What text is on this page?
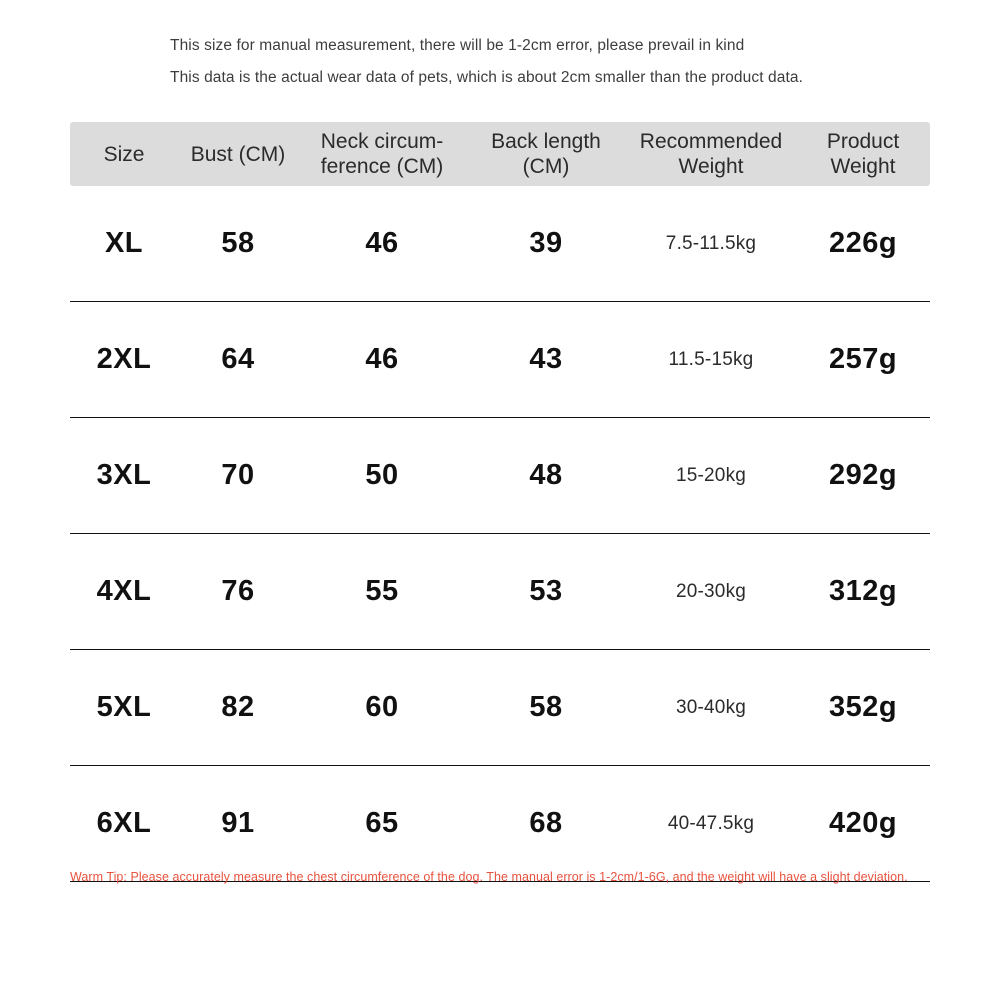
This size for manual measurement, there will be 1-2cm error, please prevail in kind
This data is the actual wear data of pets, which is about 2cm smaller than the product data.
Size	Bust (CM)	Neck circum-ference (CM)	Back length (CM)	Recommended Weight	Product Weight
XL	58	46	39	7.5-11.5kg	226g
2XL	64	46	43	11.5-15kg	257g
3XL	70	50	48	15-20kg	292g
4XL	76	55	53	20-30kg	312g
5XL	82	60	58	30-40kg	352g
6XL	91	65	68	40-47.5kg	420g
Warm Tip: Please accurately measure the chest circumference of the dog. The manual error is 1-2cm/1-6G, and the weight will have a slight deviation.
